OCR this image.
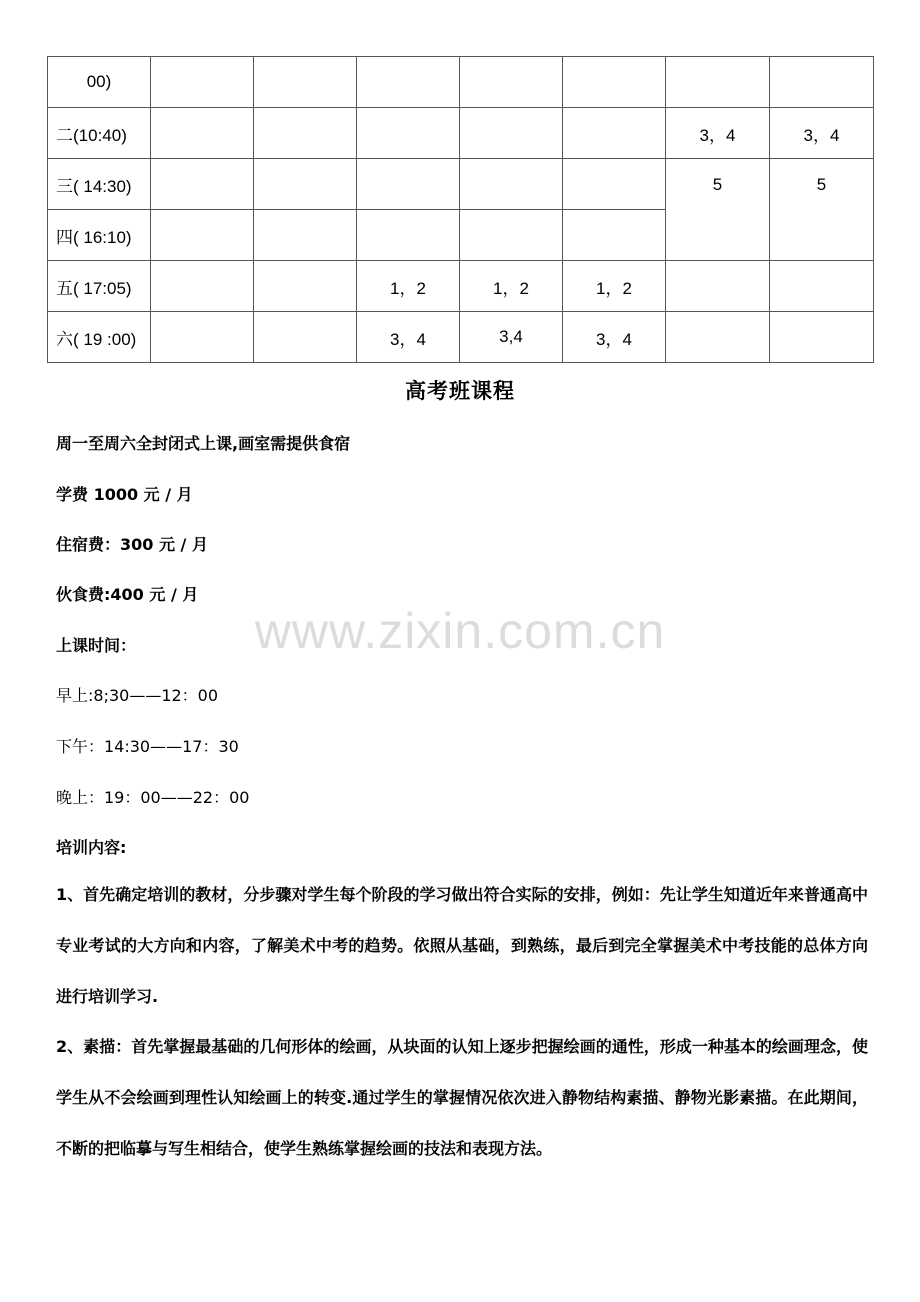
00)							
二(10:40)						3，4	3，4
三( 14:30)						5	5
四( 16:10)							
五( 17:05)			1，2	1，2	1，2		
六( 19 :00)			3，4	3,4	3，4		
高考班课程
周一至周六全封闭式上课,画室需提供食宿
学费 1000 元 / 月
住宿费：300 元 / 月
伙食费:400 元 / 月
上课时间：
早上:8;30——12：00
下午：14:30——17：30
晚上：19：00——22：00
培训内容:
1、首先确定培训的教材，分步骤对学生每个阶段的学习做出符合实际的安排，例如：先让学生知道近年来普通高中专业考试的大方向和内容，了解美术中考的趋势。依照从基础，到熟练，最后到完全掌握美术中考技能的总体方向进行培训学习.
2、素描：首先掌握最基础的几何形体的绘画，从块面的认知上逐步把握绘画的通性，形成一种基本的绘画理念，使学生从不会绘画到理性认知绘画上的转变.通过学生的掌握情况依次进入静物结构素描、静物光影素描。在此期间，不断的把临摹与写生相结合，使学生熟练掌握绘画的技法和表现方法。
www.zixin.com.cn
